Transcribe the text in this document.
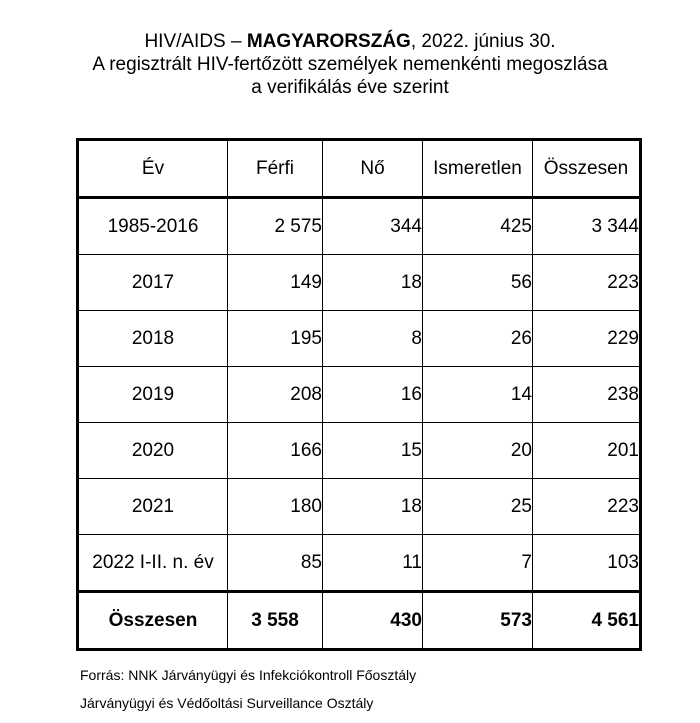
HIV/AIDS – MAGYARORSZÁG, 2022. június 30.
A regisztrált HIV-fertőzött személyek nemenkénti megoszlása
a verifikálás éve szerint
Év	Férfi	Nő	Ismeretlen	Összesen
1985-2016	2 575	344	425	3 344
2017	149	18	56	223
2018	195	8	26	229
2019	208	16	14	238
2020	166	15	20	201
2021	180	18	25	223
2022 I-II. n. év	85	11	7	103
Összesen	3 558	430	573	4 561
Forrás: NNK Járványügyi és Infekciókontroll Főosztály
Járványügyi és Védőoltási Surveillance Osztály
